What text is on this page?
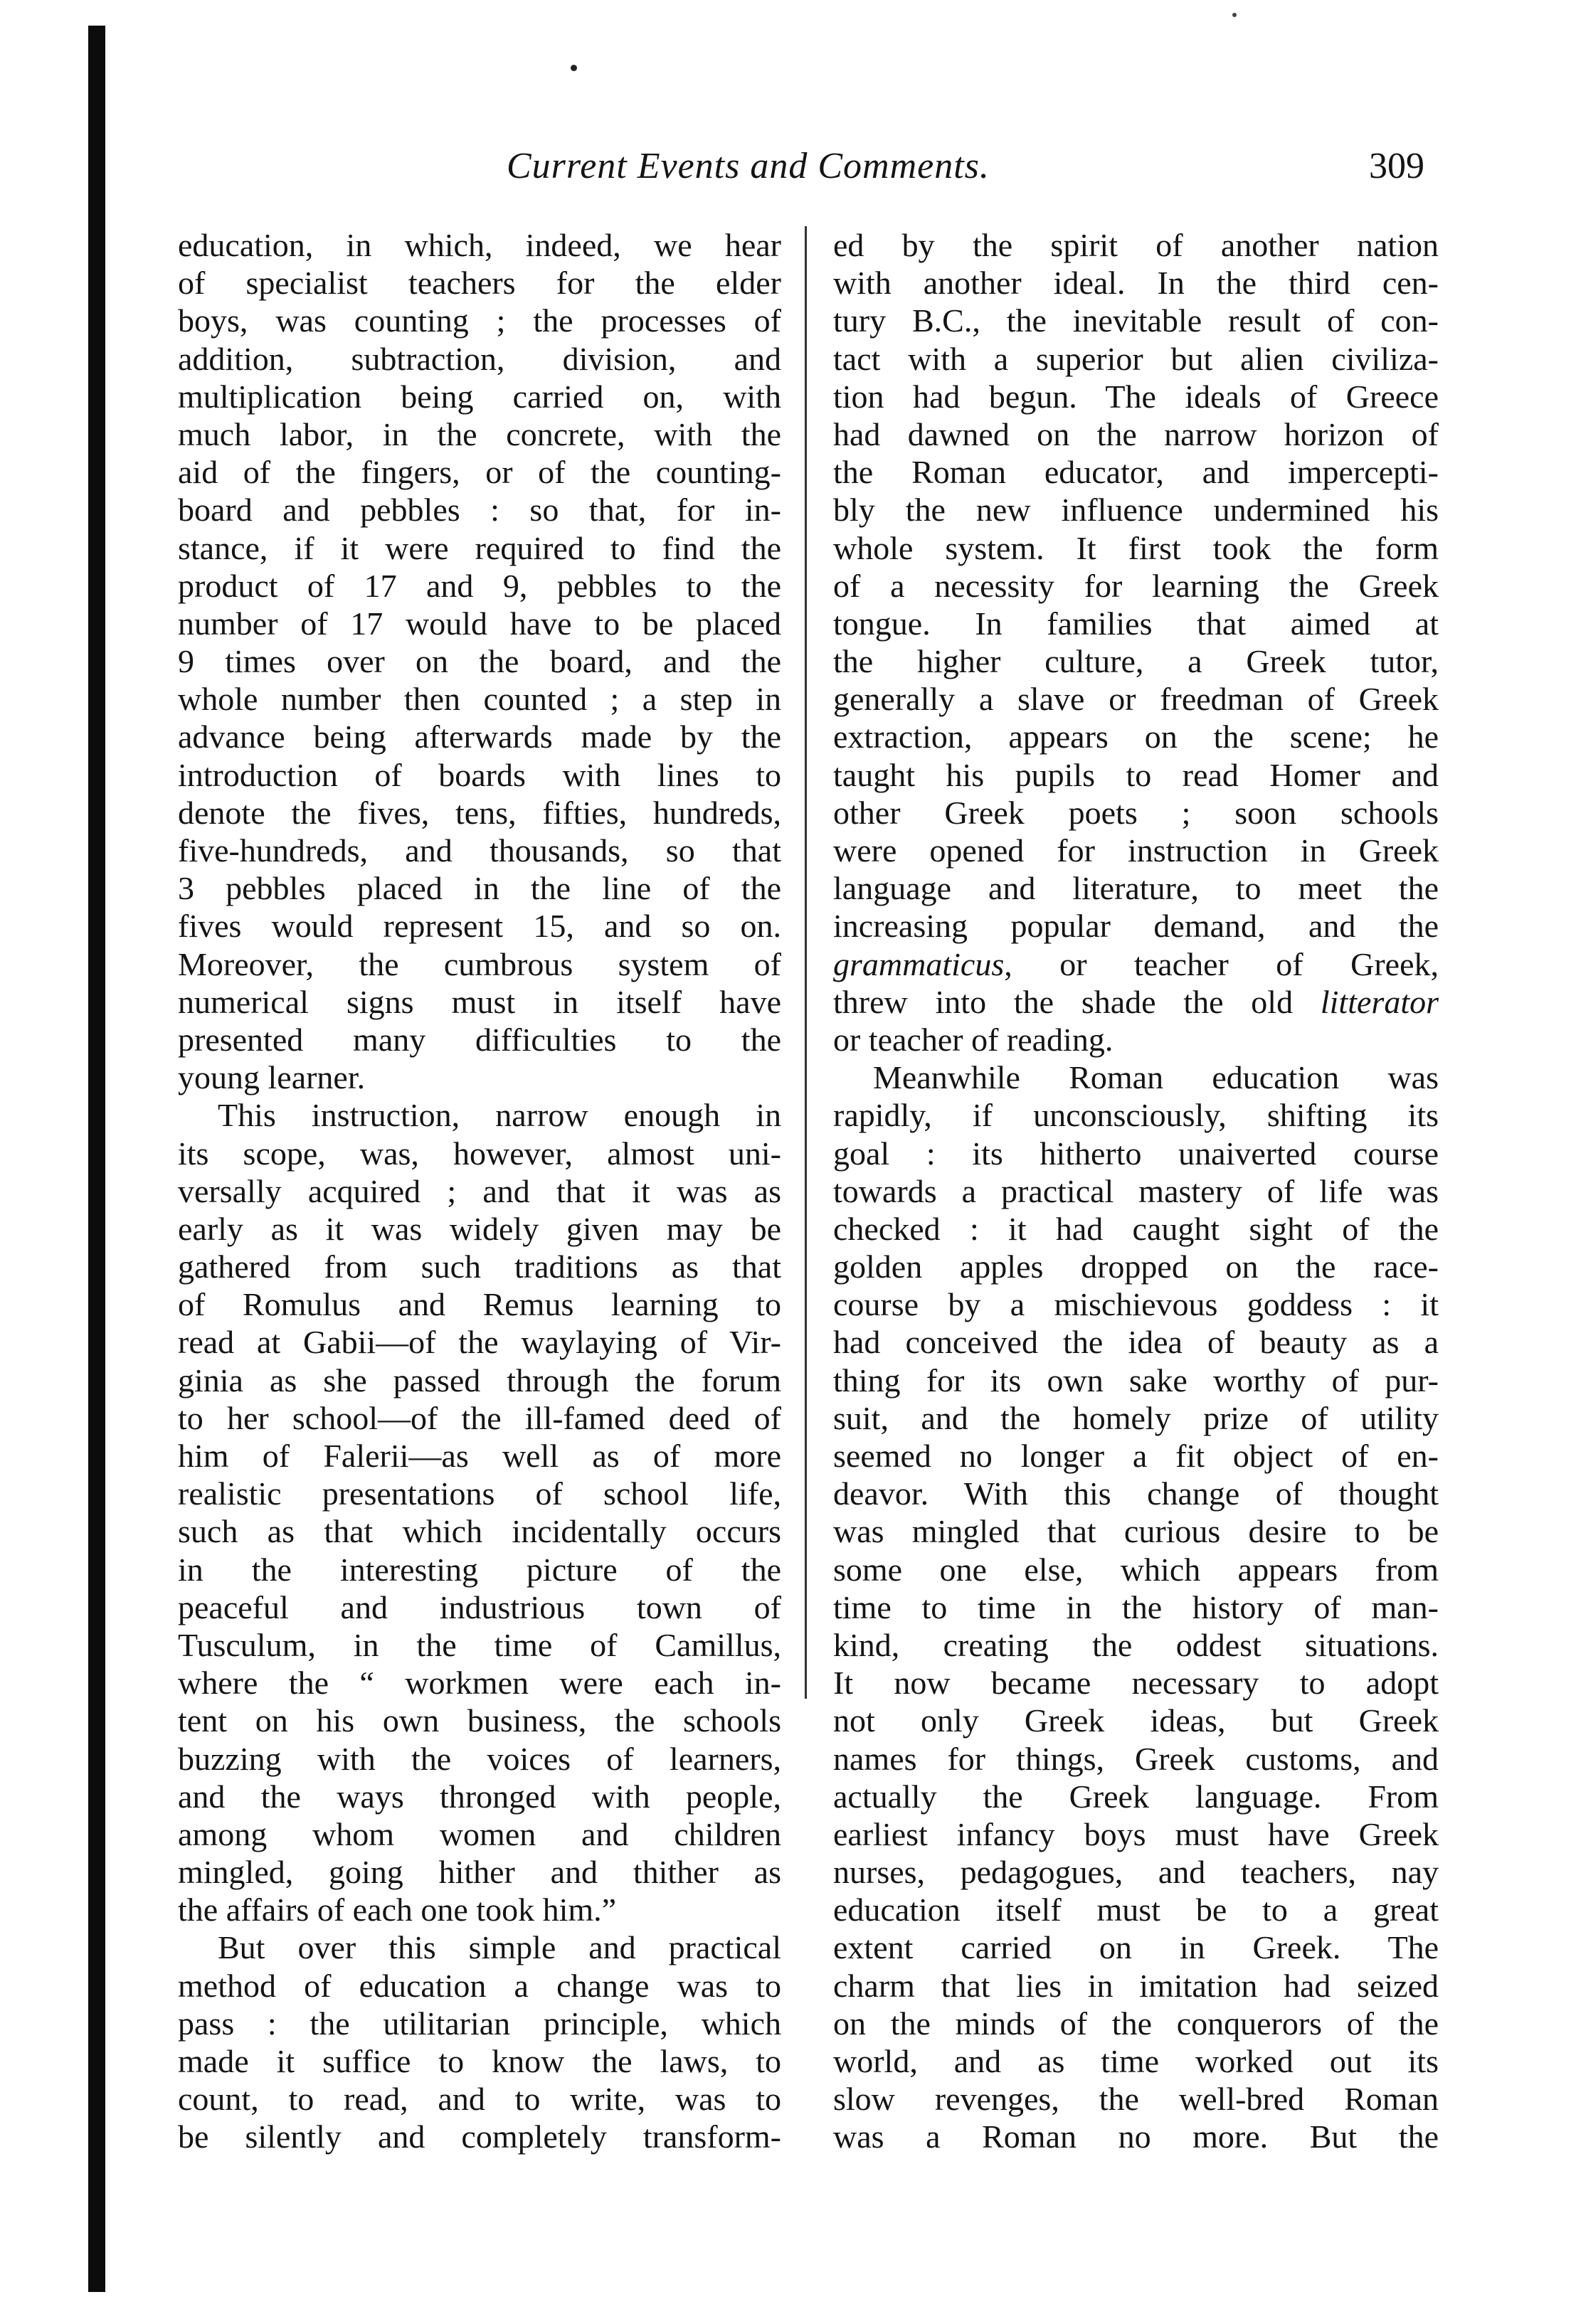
Current Events and Comments.	309
education, in which, indeed, we hear
of specialist teachers for the elder
boys, was counting ; the processes of
addition, subtraction, division, and
multiplication being carried on, with
much labor, in the concrete, with the
aid of the fingers, or of the counting-
board and pebbles : so that, for in-
stance, if it were required to find the
product of 17 and 9, pebbles to the
number of 17 would have to be placed
9 times over on the board, and the
whole number then counted ; a step in
advance being afterwards made by the
introduction of boards with lines to
denote the fives, tens, fifties, hundreds,
five-hundreds, and thousands, so that
3 pebbles placed in the line of the
fives would represent 15, and so on.
Moreover, the cumbrous system of
numerical signs must in itself have
presented many difficulties to the
young learner.
This instruction, narrow enough in
its scope, was, however, almost uni-
versally acquired ; and that it was as
early as it was widely given may be
gathered from such traditions as that
of Romulus and Remus learning to
read at Gabii—of the waylaying of Vir-
ginia as she passed through the forum
to her school—of the ill-famed deed of
him of Falerii—as well as of more
realistic presentations of school life,
such as that which incidentally occurs
in the interesting picture of the
peaceful and industrious town of
Tusculum, in the time of Camillus,
where the “ workmen were each in-
tent on his own business, the schools
buzzing with the voices of learners,
and the ways thronged with people,
among whom women and children
mingled, going hither and thither as
the affairs of each one took him.”
But over this simple and practical
method of education a change was to
pass : the utilitarian principle, which
made it suffice to know the laws, to
count, to read, and to write, was to
be silently and completely transform-
ed by the spirit of another nation
with another ideal. In the third cen-
tury B.C., the inevitable result of con-
tact with a superior but alien civiliza-
tion had begun. The ideals of Greece
had dawned on the narrow horizon of
the Roman educator, and impercepti-
bly the new influence undermined his
whole system. It first took the form
of a necessity for learning the Greek
tongue. In families that aimed at
the higher culture, a Greek tutor,
generally a slave or freedman of Greek
extraction, appears on the scene; he
taught his pupils to read Homer and
other Greek poets ; soon schools
were opened for instruction in Greek
language and literature, to meet the
increasing popular demand, and the
grammaticus, or teacher of Greek,
threw into the shade the old litterator
or teacher of reading.
Meanwhile Roman education was
rapidly, if unconsciously, shifting its
goal : its hitherto unaiverted course
towards a practical mastery of life was
checked : it had caught sight of the
golden apples dropped on the race-
course by a mischievous goddess : it
had conceived the idea of beauty as a
thing for its own sake worthy of pur-
suit, and the homely prize of utility
seemed no longer a fit object of en-
deavor. With this change of thought
was mingled that curious desire to be
some one else, which appears from
time to time in the history of man-
kind, creating the oddest situations.
It now became necessary to adopt
not only Greek ideas, but Greek
names for things, Greek customs, and
actually the Greek language. From
earliest infancy boys must have Greek
nurses, pedagogues, and teachers, nay
education itself must be to a great
extent carried on in Greek. The
charm that lies in imitation had seized
on the minds of the conquerors of the
world, and as time worked out its
slow revenges, the well-bred Roman
was a Roman no more. But the
